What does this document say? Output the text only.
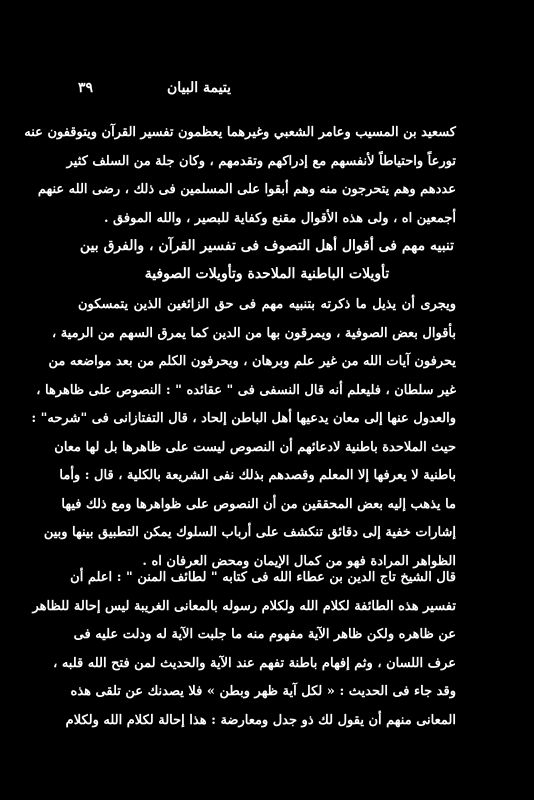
٣٩	يتيمة البيان

كسعيد بن المسيب وعامر الشعبي وغيرهما يعظمون تفسير القرآن ويتوقفون عنه
تورعاً واحتياطاً لأنفسهم مع إدراكهم وتقدمهم ، وكان جلة من السلف كثير
عددهم وهم يتحرجون منه وهم أبقوا على المسلمين فى ذلك ، رضى الله عنهم
أجمعين اه ، ولى هذه الأقوال مقنع وكفاية للبصير ، والله الموفق .

تنبيه مهم فى أقوال أهل التصوف فى تفسير القرآن ، والفرق بين
تأويلات الباطنية الملاحدة وتأويلات الصوفية

ويجرى أن يذيل ما ذكرته بتنبيه مهم فى حق الزائغين الذين يتمسكون
بأقوال بعض الصوفية ، ويمرقون بها من الدين كما يمرق السهم من الرمية ،
يحرفون آيات الله من غير علم وبرهان ، ويحرفون الكلم من بعد مواضعه من
غير سلطان ، فليعلم أنه قال النسفى فى " عقائده " : النصوص على ظاهرها ،
والعدول عنها إلى معان يدعيها أهل الباطن إلحاد ، قال التفتازانى فى "شرحه" :
حيث الملاحدة باطنية لادعائهم أن النصوص ليست على ظاهرها بل لها معان
باطنية لا يعرفها إلا المعلم وقصدهم بذلك نفى الشريعة بالكلية ، قال : وأما
ما يذهب إليه بعض المحققين من أن النصوص على ظواهرها ومع ذلك فيها
إشارات خفية إلى دقائق تنكشف على أرباب السلوك يمكن التطبيق بينها وبين
الظواهر المرادة فهو من كمال الإيمان ومحض العرفان اه .

قال الشيخ تاج الدين بن عطاء الله فى كتابه " لطائف المنن " : اعلم أن
تفسير هذه الطائفة لكلام الله ولكلام رسوله بالمعانى الغريبة ليس إحالة للظاهر
عن ظاهره ولكن ظاهر الآية مفهوم منه ما جلبت الآية له ودلت عليه فى
عرف اللسان ، وثم إفهام باطنة تفهم عند الآية والحديث لمن فتح الله قلبه ،
وقد جاء فى الحديث : « لكل آية ظهر وبطن » فلا يصدنك عن تلقى هذه
المعانى منهم أن يقول لك ذو جدل ومعارضة : هذا إحالة لكلام الله ولكلام
